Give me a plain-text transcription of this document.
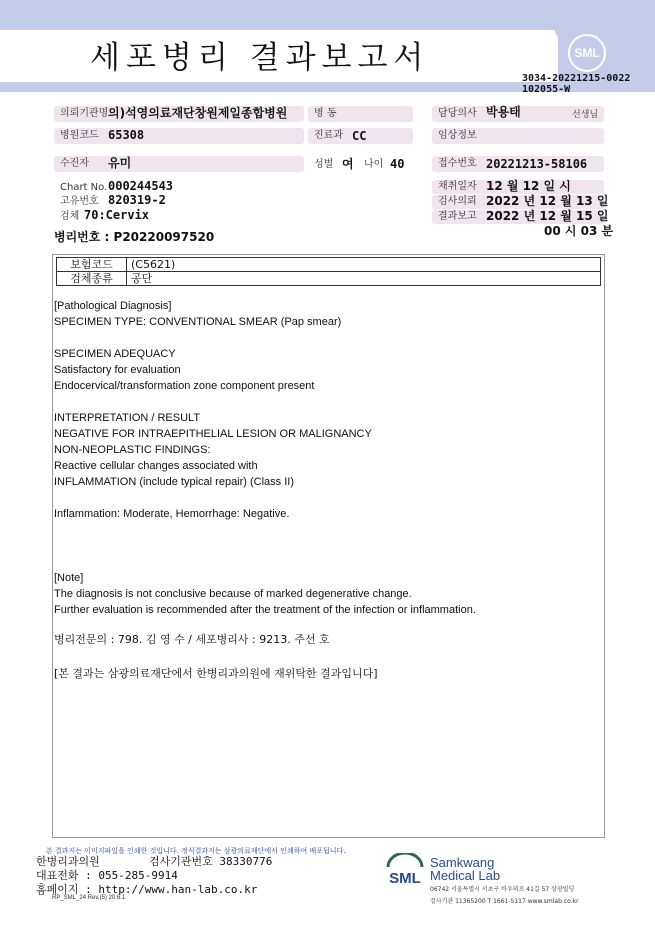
세포병리 결과보고서	SML
3034-20221215-0022
102055-W
의뢰기관명 의)석영의료재단창원제일종합병원	병 동	담당의사 박용태	선생님
병원코드 65308	진료과 CC	임상정보
수진자	유미	성별 여	나이 40	접수번호 20221213-58106
Chart No. 000244543
고유번호 820319-2
검체 70:Cervix
채취일자 12 월 12 일 시
검사의뢰 2022 년 12 월 13 일
결과보고 2022 년 12 월 15 일
00 시 03 분
병리번호 : P20220097520
보험코드	(C5621)
검체종류	공단
[Pathological Diagnosis]
SPECIMEN TYPE: CONVENTIONAL SMEAR (Pap smear)
SPECIMEN ADEQUACY
Satisfactory for evaluation
Endocervical/transformation zone component present
INTERPRETATION / RESULT
NEGATIVE FOR INTRAEPITHELIAL LESION OR MALIGNANCY
NON-NEOPLASTIC FINDINGS:
Reactive cellular changes associated with
INFLAMMATION (include typical repair) (Class II)
Inflammation: Moderate, Hemorrhage: Negative.
[Note]
The diagnosis is not conclusive because of marked degenerative change.
Further evaluation is recommended after the treatment of the infection or inflammation.
병리전문의 : 798. 김 영 수 / 세포병리사 : 9213. 주선 호
[본 결과는 삼광의료재단에서 한병리과의원에 재위탁한 결과입니다]
본 결과지는 이미지파일을 인쇄한 것입니다. 정식결과지는 삼광의료재단에서 인쇄하여 배포됩니다.
한병리과의원	검사기관번호 38330776
대표전화 : 055-285-9914
홈페이지 : http://www.han-lab.co.kr
RP_SML_24 Rev.(5) 20.6.1
SML
Samkwang
Medical Lab
06742 서울특별시 서초구 바우뫼로 41길 57 삼광빌딩
검사기관 11365200 T 1661-5117 www.smlab.co.kr
